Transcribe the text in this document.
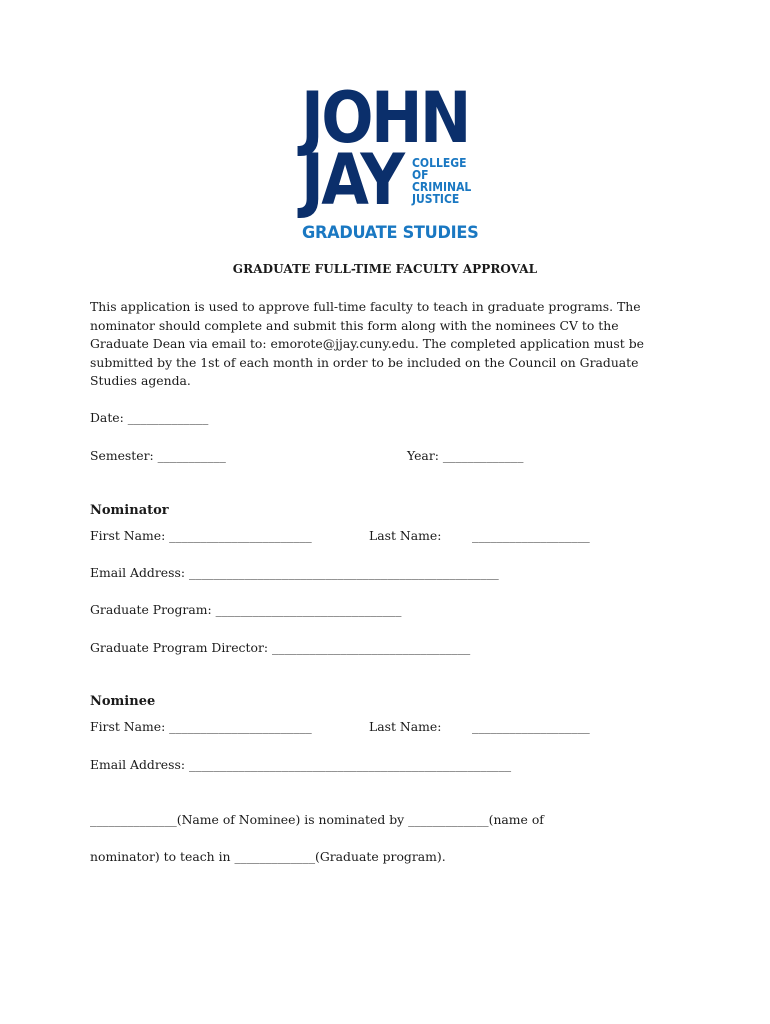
JOHN
JAY COLLEGE
OF
CRIMINAL
JUSTICE
GRADUATE STUDIES
GRADUATE FULL-TIME FACULTY APPROVAL
This application is used to approve full-time faculty to teach in graduate programs. The nominator should complete and submit this form along with the nominees CV to the Graduate Dean via email to: emorote@jjay.cuny.edu. The completed application must be submitted by the 1st of each month in order to be included on the Council on Graduate Studies agenda.
Date: _____________
Semester: ___________	Year: _____________
Nominator
First Name: _______________________	Last Name: ___________________
Email Address: __________________________________________________
Graduate Program: ______________________________
Graduate Program Director: ________________________________
Nominee
First Name: _______________________	Last Name: ___________________
Email Address: ____________________________________________________
______________(Name of Nominee) is nominated by _____________(name of
nominator) to teach in _____________(Graduate program).
